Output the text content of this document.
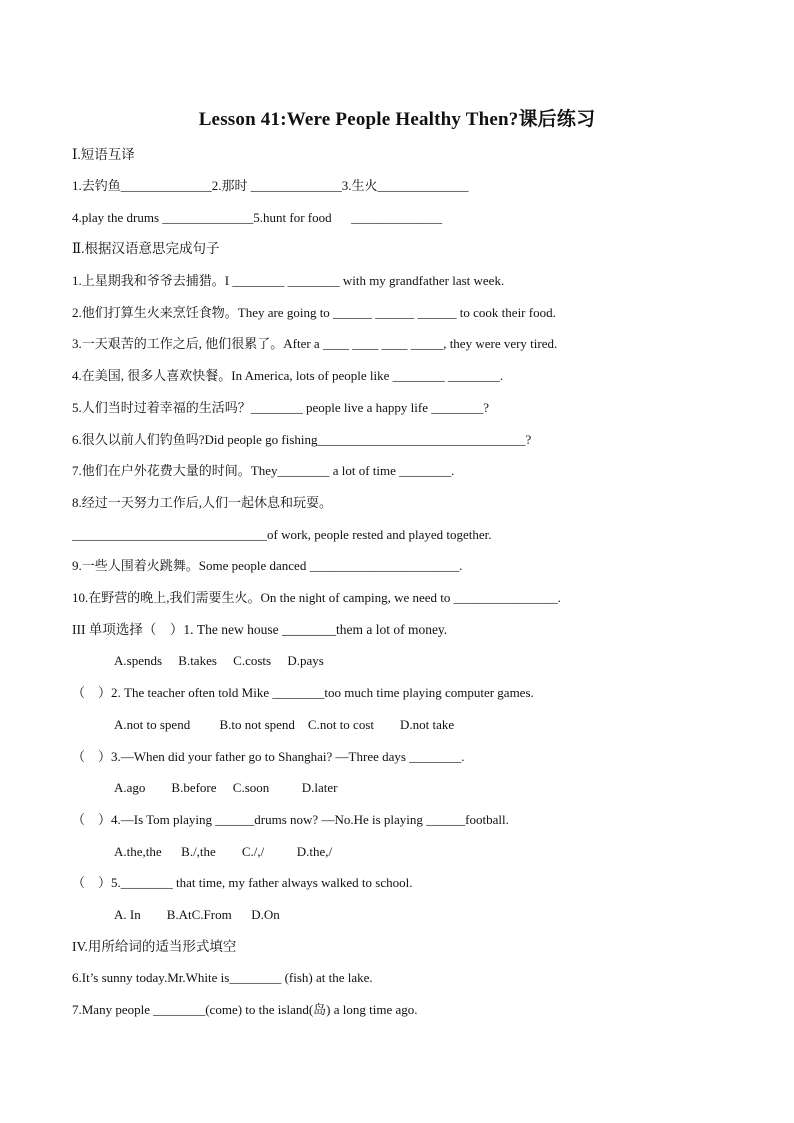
Lesson 41:Were People Healthy Then?课后练习
Ⅰ.短语互译
1.去钓鱼______________2.那时 ______________3.生火______________
4.play the drums ______________5.hunt for food      ______________
Ⅱ.根据汉语意思完成句子
1.上星期我和爷爷去捕猎。I ________ ________ with my grandfather last week.
2.他们打算生火来烹饪食物。They are going to ______ ______ ______ to cook their food.
3.一天艰苦的工作之后, 他们很累了。After a ____ ____ ____ _____, they were very tired.
4.在美国, 很多人喜欢快餐。In America, lots of people like ________ ________.
5.人们当时过着幸福的生活吗？________ people live a happy life ________?
6.很久以前人们钓鱼吗?Did people go fishing________________________________?
7.他们在户外花费大量的时间。They________ a lot of time ________.
8.经过一天努力工作后,人们一起休息和玩耍。
______________________________of work, people rested and played together.
9.一些人围着火跳舞。Some people danced _______________________.
10.在野营的晚上,我们需要生火。On the night of camping, we need to ________________.
III 单项选择（    ）1. The new house ________them a lot of money.
A.spends     B.takes     C.costs     D.pays
（    ）2. The teacher often told Mike ________too much time playing computer games.
A.not to spend         B.to not spend    C.not to cost        D.not take
（    ）3.—When did your father go to Shanghai? —Three days ________.
A.ago        B.before     C.soon          D.later
（    ）4.—Is Tom playing ______drums now? —No.He is playing ______football.
A.the,the      B./,the        C./,/          D.the,/
（    ）5.________ that time, my father always walked to school.
A. In        B.AtC.From      D.On
IV.用所给词的适当形式填空
6.It’s sunny today.Mr.White is________ (fish) at the lake.
7.Many people ________(come) to the island(岛) a long time ago.
